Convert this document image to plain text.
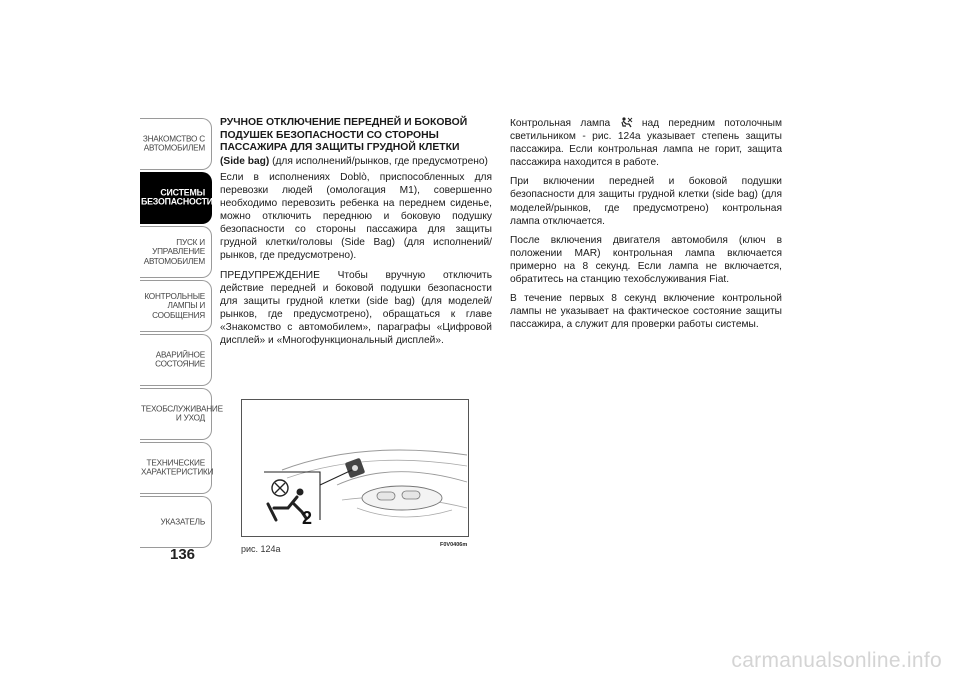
ЗНАКОМСТВО С АВТОМОБИЛЕМ
СИСТЕМЫ БЕЗОПАСНОСТИ
ПУСК И УПРАВЛЕНИЕ АВТОМОБИЛЕМ
КОНТРОЛЬНЫЕ ЛАМПЫ И СООБЩЕНИЯ
АВАРИЙНОЕ СОСТОЯНИЕ
ТЕХОБСЛУЖИВАНИЕ И УХОД
ТЕХНИЧЕСКИЕ ХАРАКТЕРИСТИКИ
УКАЗАТЕЛЬ
136
РУЧНОЕ ОТКЛЮЧЕНИЕ ПЕРЕДНЕЙ И БОКОВОЙ ПОДУШЕК БЕЗОПАСНОСТИ СО СТОРОНЫ ПАССАЖИРА ДЛЯ ЗАЩИТЫ ГРУДНОЙ КЛЕТКИ
(Side bag) (для исполнений/рынков, где предусмотрено)

Если в исполнениях Doblò, приспособленных для перевозки людей (омологация M1), совершенно необходимо перевозить ребенка на переднем сиденье, можно отключить переднюю и боковую подушку безопасности со стороны пассажира для защиты грудной клетки/головы (Side Bag) (для исполнений/рынков, где предусмотрено).

ПРЕДУПРЕЖДЕНИЕ Чтобы вручную отключить действие передней и боковой подушки безопасности для защиты грудной клетки (side bag) (для моделей/рынков, где предусмотрено), обращаться к главе «Знакомство с автомобилем», параграфы «Цифровой дисплей» и «Многофункциональный дисплей».

Контрольная лампа  над передним потолочным светильником - рис. 124a указывает степень защиты пассажира. Если контрольная лампа не горит, защита пассажира находится в работе.

При включении передней и боковой подушки безопасности для защиты грудной клетки (side bag) (для моделей/рынков, где предусмотрено) контрольная лампа отключается.

После включения двигателя автомобиля (ключ в положении MAR) контрольная лампа включается примерно на 8 секунд. Если лампа не включается, обратитесь на станцию техобслуживания Fiat.

В течение первых 8 секунд включение контрольной лампы не указывает на фактическое состояние защиты пассажира, а служит для проверки работы системы.

2
рис. 124a	F0V0406m
carmanualsonline.info
